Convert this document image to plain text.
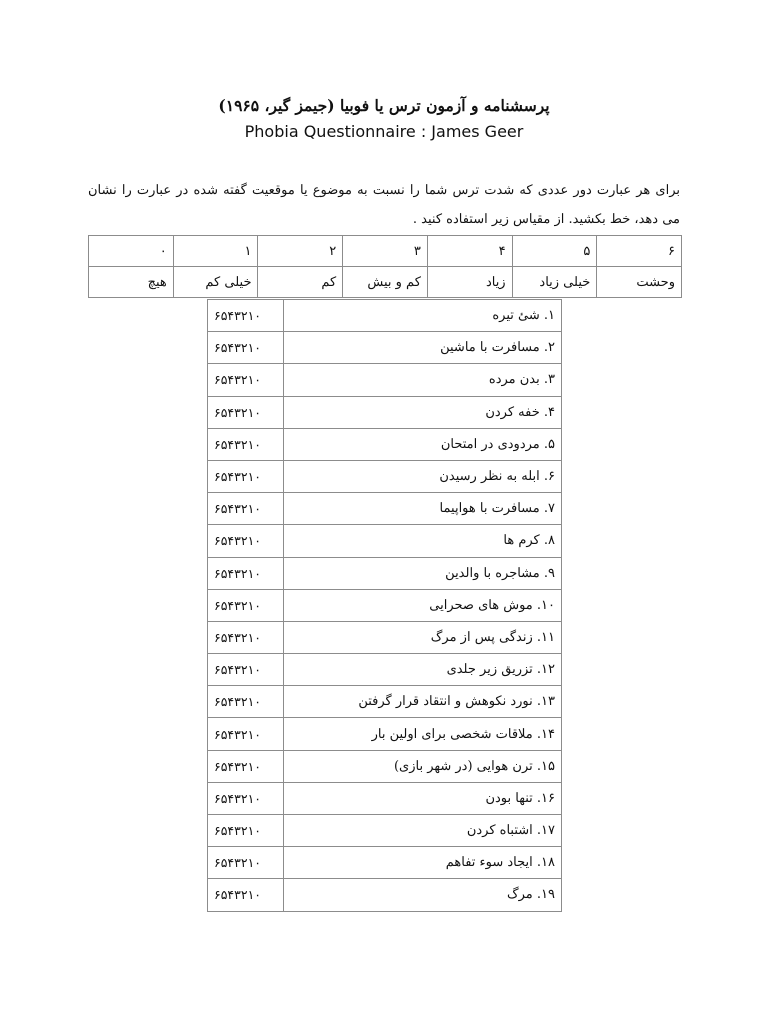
پرسشنامه و آزمون ترس یا فوبیا (جیمز گیر، ۱۹۶۵)
Phobia Questionnaire : James Geer
برای هر عبارت دور عددی که شدت ترس شما را نسبت به موضوع یا موقعیت گفته شده در عبارت را نشان می دهد، خط بکشید. از مقیاس زیر استفاده کنید .
۶	۵	۴	۳	۲	۱	۰
وحشت	خیلی زیاد	زیاد	کم و بیش	کم	خیلی کم	هیچ
۱. شئ تیره	۶۵۴۳۲۱۰
۲. مسافرت با ماشین	۶۵۴۳۲۱۰
۳. بدن مرده	۶۵۴۳۲۱۰
۴. خفه کردن	۶۵۴۳۲۱۰
۵. مردودی در امتحان	۶۵۴۳۲۱۰
۶. ابله به نظر رسیدن	۶۵۴۳۲۱۰
۷. مسافرت با هواپیما	۶۵۴۳۲۱۰
۸. کرم ها	۶۵۴۳۲۱۰
۹. مشاجره با والدین	۶۵۴۳۲۱۰
۱۰. موش های صحرایی	۶۵۴۳۲۱۰
۱۱. زندگی پس از مرگ	۶۵۴۳۲۱۰
۱۲. تزریق زیر جلدی	۶۵۴۳۲۱۰
۱۳. نورد نکوهش و انتقاد قرار گرفتن	۶۵۴۳۲۱۰
۱۴. ملاقات شخصی برای اولین بار	۶۵۴۳۲۱۰
۱۵. ترن هوایی (در شهر بازی)	۶۵۴۳۲۱۰
۱۶. تنها بودن	۶۵۴۳۲۱۰
۱۷. اشتباه کردن	۶۵۴۳۲۱۰
۱۸. ایجاد سوء تفاهم	۶۵۴۳۲۱۰
۱۹. مرگ	۶۵۴۳۲۱۰
